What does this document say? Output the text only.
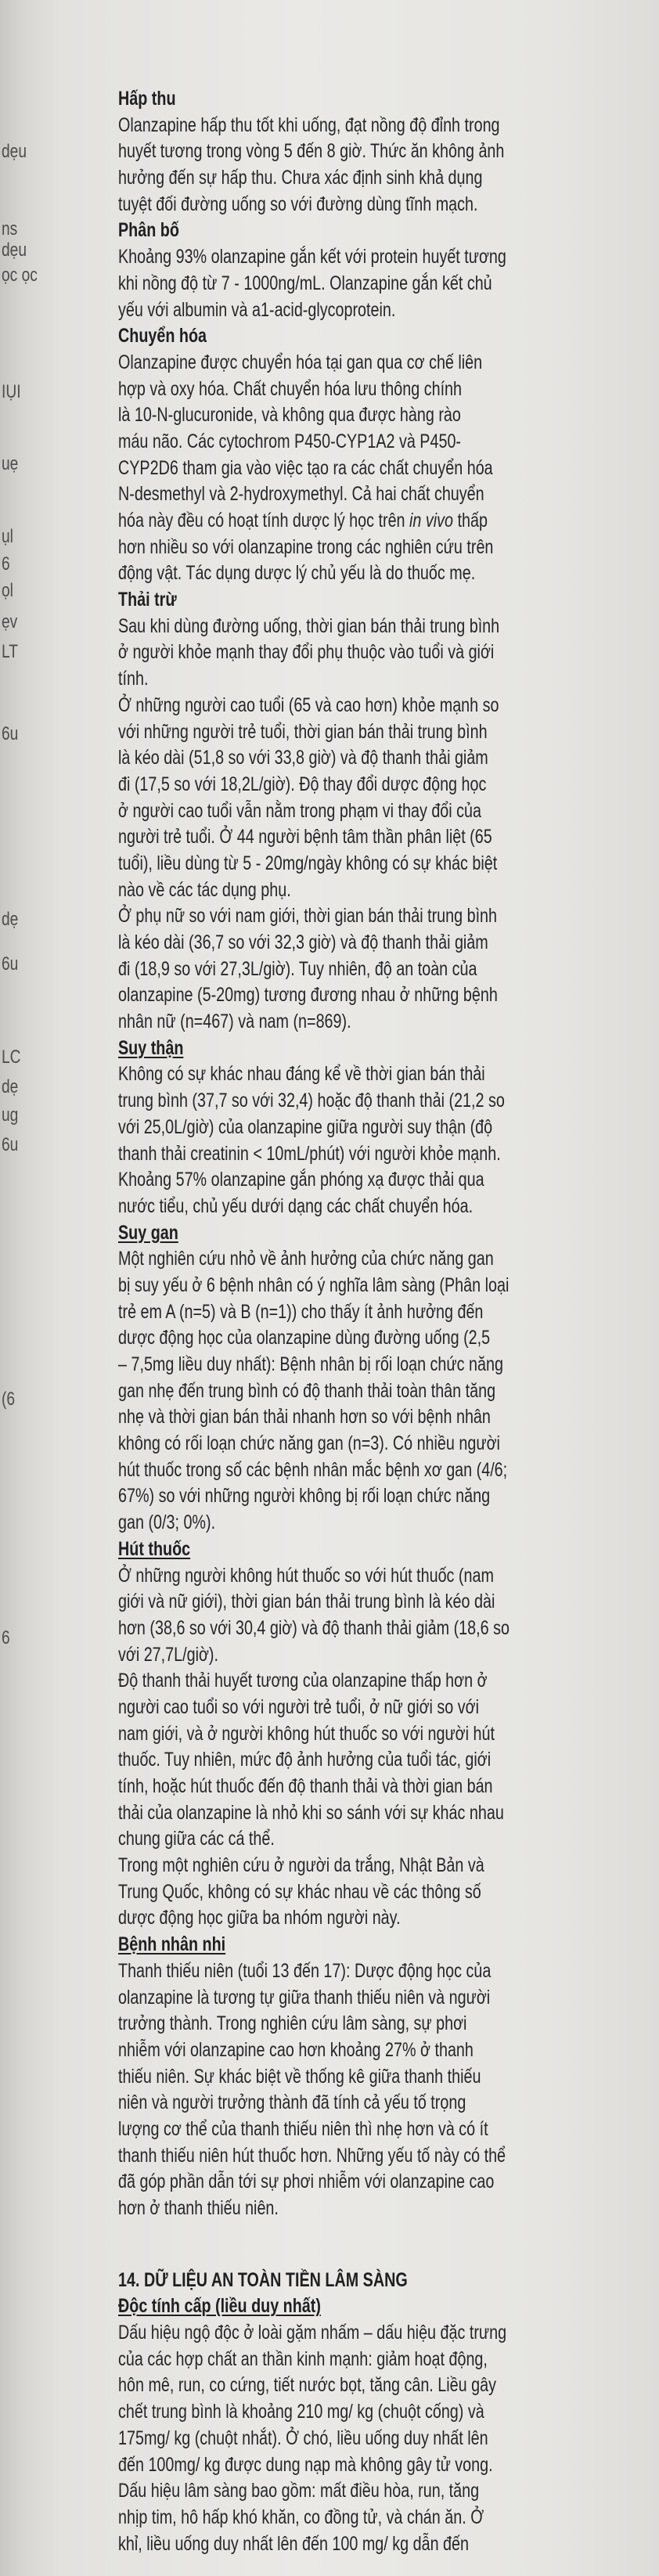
dẹu
ns
dẹu
ọc ọc
IỤI
uẹ
ụl
6
ọl
ẹv
LT
6u
dẹ
6u
LC
dẹ
ug
6u
(6
6
Hấp thu
Olanzapine hấp thu tốt khi uống, đạt nồng độ đỉnh trong
huyết tương trong vòng 5 đến 8 giờ. Thức ăn không ảnh
hưởng đến sự hấp thu. Chưa xác định sinh khả dụng
tuyệt đối đường uống so với đường dùng tĩnh mạch.
Phân bố
Khoảng 93% olanzapine gắn kết với protein huyết tương
khi nồng độ từ 7 - 1000ng/mL. Olanzapine gắn kết chủ
yếu với albumin và a1-acid-glycoprotein.
Chuyển hóa
Olanzapine được chuyển hóa tại gan qua cơ chế liên
hợp và oxy hóa. Chất chuyển hóa lưu thông chính
là 10-N-glucuronide, và không qua được hàng rào
máu não. Các cytochrom P450-CYP1A2 và P450-
CYP2D6 tham gia vào việc tạo ra các chất chuyển hóa
N-desmethyl và 2-hydroxymethyl. Cả hai chất chuyển
hóa này đều có hoạt tính dược lý học trên in vivo thấp
hơn nhiều so với olanzapine trong các nghiên cứu trên
động vật. Tác dụng dược lý chủ yếu là do thuốc mẹ.
Thải trừ
Sau khi dùng đường uống, thời gian bán thải trung bình
ở người khỏe mạnh thay đổi phụ thuộc vào tuổi và giới
tính.
Ở những người cao tuổi (65 và cao hơn) khỏe mạnh so
với những người trẻ tuổi, thời gian bán thải trung bình
là kéo dài (51,8 so với 33,8 giờ) và độ thanh thải giảm
đi (17,5 so với 18,2L/giờ). Độ thay đổi dược động học
ở người cao tuổi vẫn nằm trong phạm vi thay đổi của
người trẻ tuổi. Ở 44 người bệnh tâm thần phân liệt (65
tuổi), liều dùng từ 5 - 20mg/ngày không có sự khác biệt
nào về các tác dụng phụ.
Ở phụ nữ so với nam giới, thời gian bán thải trung bình
là kéo dài (36,7 so với 32,3 giờ) và độ thanh thải giảm
đi (18,9 so với 27,3L/giờ). Tuy nhiên, độ an toàn của
olanzapine (5-20mg) tương đương nhau ở những bệnh
nhân nữ (n=467) và nam (n=869).
Suy thận
Không có sự khác nhau đáng kể về thời gian bán thải
trung bình (37,7 so với 32,4) hoặc độ thanh thải (21,2 so
với 25,0L/giờ) của olanzapine giữa người suy thận (độ
thanh thải creatinin < 10mL/phút) với người khỏe mạnh.
Khoảng 57% olanzapine gắn phóng xạ được thải qua
nước tiểu, chủ yếu dưới dạng các chất chuyển hóa.
Suy gan
Một nghiên cứu nhỏ về ảnh hưởng của chức năng gan
bị suy yếu ở 6 bệnh nhân có ý nghĩa lâm sàng (Phân loại
trẻ em A (n=5) và B (n=1)) cho thấy ít ảnh hưởng đến
dược động học của olanzapine dùng đường uống (2,5
– 7,5mg liều duy nhất): Bệnh nhân bị rối loạn chức năng
gan nhẹ đến trung bình có độ thanh thải toàn thân tăng
nhẹ và thời gian bán thải nhanh hơn so với bệnh nhân
không có rối loạn chức năng gan (n=3). Có nhiều người
hút thuốc trong số các bệnh nhân mắc bệnh xơ gan (4/6;
67%) so với những người không bị rối loạn chức năng
gan (0/3; 0%).
Hút thuốc
Ở những người không hút thuốc so với hút thuốc (nam
giới và nữ giới), thời gian bán thải trung bình là kéo dài
hơn (38,6 so với 30,4 giờ) và độ thanh thải giảm (18,6 so
với 27,7L/giờ).
Độ thanh thải huyết tương của olanzapine thấp hơn ở
người cao tuổi so với người trẻ tuổi, ở nữ giới so với
nam giới, và ở người không hút thuốc so với người hút
thuốc. Tuy nhiên, mức độ ảnh hưởng của tuổi tác, giới
tính, hoặc hút thuốc đến độ thanh thải và thời gian bán
thải của olanzapine là nhỏ khi so sánh với sự khác nhau
chung giữa các cá thể.
Trong một nghiên cứu ở người da trắng, Nhật Bản và
Trung Quốc, không có sự khác nhau về các thông số
dược động học giữa ba nhóm người này.
Bệnh nhân nhi
Thanh thiếu niên (tuổi 13 đến 17): Dược động học của
olanzapine là tương tự giữa thanh thiếu niên và người
trưởng thành. Trong nghiên cứu lâm sàng, sự phơi
nhiễm với olanzapine cao hơn khoảng 27% ở thanh
thiếu niên. Sự khác biệt về thống kê giữa thanh thiếu
niên và người trưởng thành đã tính cả yếu tố trọng
lượng cơ thể của thanh thiếu niên thì nhẹ hơn và có ít
thanh thiếu niên hút thuốc hơn. Những yếu tố này có thể
đã góp phần dẫn tới sự phơi nhiễm với olanzapine cao
hơn ở thanh thiếu niên.
14. DỮ LIỆU AN TOÀN TIỀN LÂM SÀNG
Độc tính cấp (liều duy nhất)
Dấu hiệu ngộ độc ở loài gặm nhấm – dấu hiệu đặc trưng
của các hợp chất an thần kinh mạnh: giảm hoạt động,
hôn mê, run, co cứng, tiết nước bọt, tăng cân. Liều gây
chết trung bình là khoảng 210 mg/ kg (chuột cống) và
175mg/ kg (chuột nhắt). Ở chó, liều uống duy nhất lên
đến 100mg/ kg được dung nạp mà không gây tử vong.
Dấu hiệu lâm sàng bao gồm: mất điều hòa, run, tăng
nhịp tim, hô hấp khó khăn, co đồng tử, và chán ăn. Ở
khỉ, liều uống duy nhất lên đến 100 mg/ kg dẫn đến
